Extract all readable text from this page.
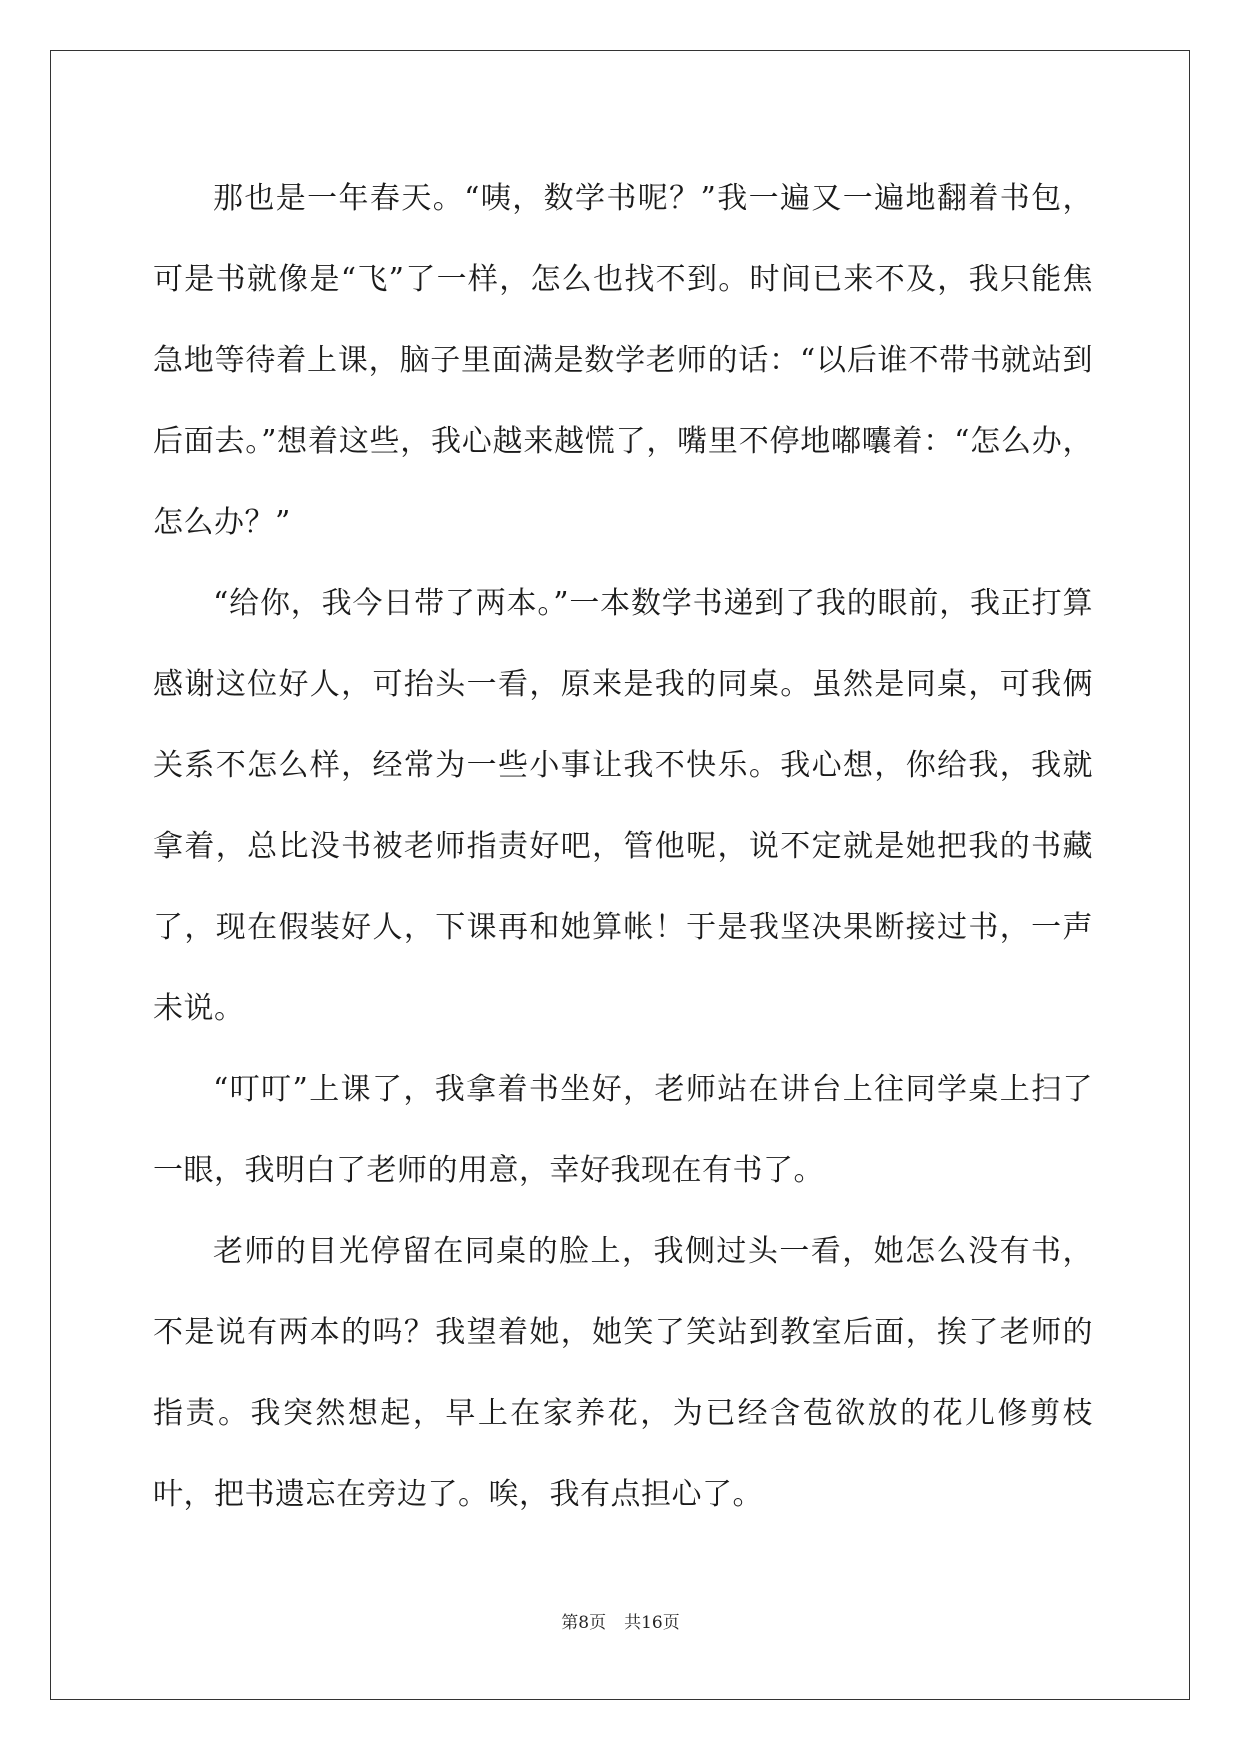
那也是一年春天。“咦，数学书呢？”我一遍又一遍地翻着书包，可是书就像是“飞”了一样，怎么也找不到。时间已来不及，我只能焦急地等待着上课，脑子里面满是数学老师的话：“以后谁不带书就站到后面去。”想着这些，我心越来越慌了，嘴里不停地嘟囔着：“怎么办，怎么办？”

“给你，我今日带了两本。”一本数学书递到了我的眼前，我正打算感谢这位好人，可抬头一看，原来是我的同桌。虽然是同桌，可我俩关系不怎么样，经常为一些小事让我不快乐。我心想，你给我，我就拿着，总比没书被老师指责好吧，管他呢，说不定就是她把我的书藏了，现在假装好人，下课再和她算帐！于是我坚决果断接过书，一声未说。

“叮叮”上课了，我拿着书坐好，老师站在讲台上往同学桌上扫了一眼，我明白了老师的用意，幸好我现在有书了。

老师的目光停留在同桌的脸上，我侧过头一看，她怎么没有书，不是说有两本的吗？我望着她，她笑了笑站到教室后面，挨了老师的指责。我突然想起，早上在家养花，为已经含苞欲放的花儿修剪枝叶，把书遗忘在旁边了。唉，我有点担心了。

第8页 共16页
